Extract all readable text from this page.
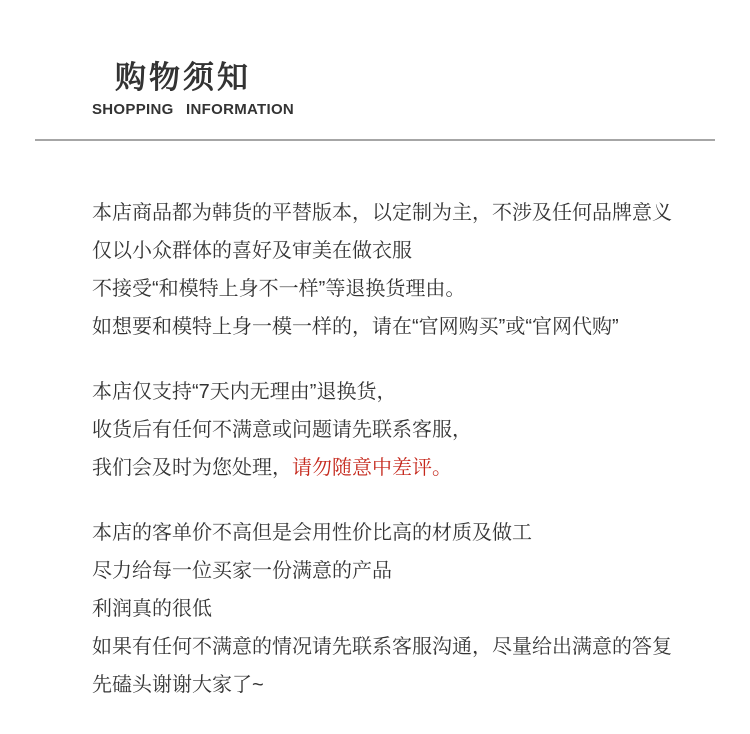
购物须知
SHOPPING INFORMATION

本店商品都为韩货的平替版本，以定制为主，不涉及任何品牌意义
仅以小众群体的喜好及审美在做衣服
不接受“和模特上身不一样”等退换货理由。
如想要和模特上身一模一样的，请在“官网购买”或“官网代购”

本店仅支持“7天内无理由”退换货，
收货后有任何不满意或问题请先联系客服，
我们会及时为您处理，请勿随意中差评。

本店的客单价不高但是会用性价比高的材质及做工
尽力给每一位买家一份满意的产品
利润真的很低
如果有任何不满意的情况请先联系客服沟通，尽量给出满意的答复
先磕头谢谢大家了~
